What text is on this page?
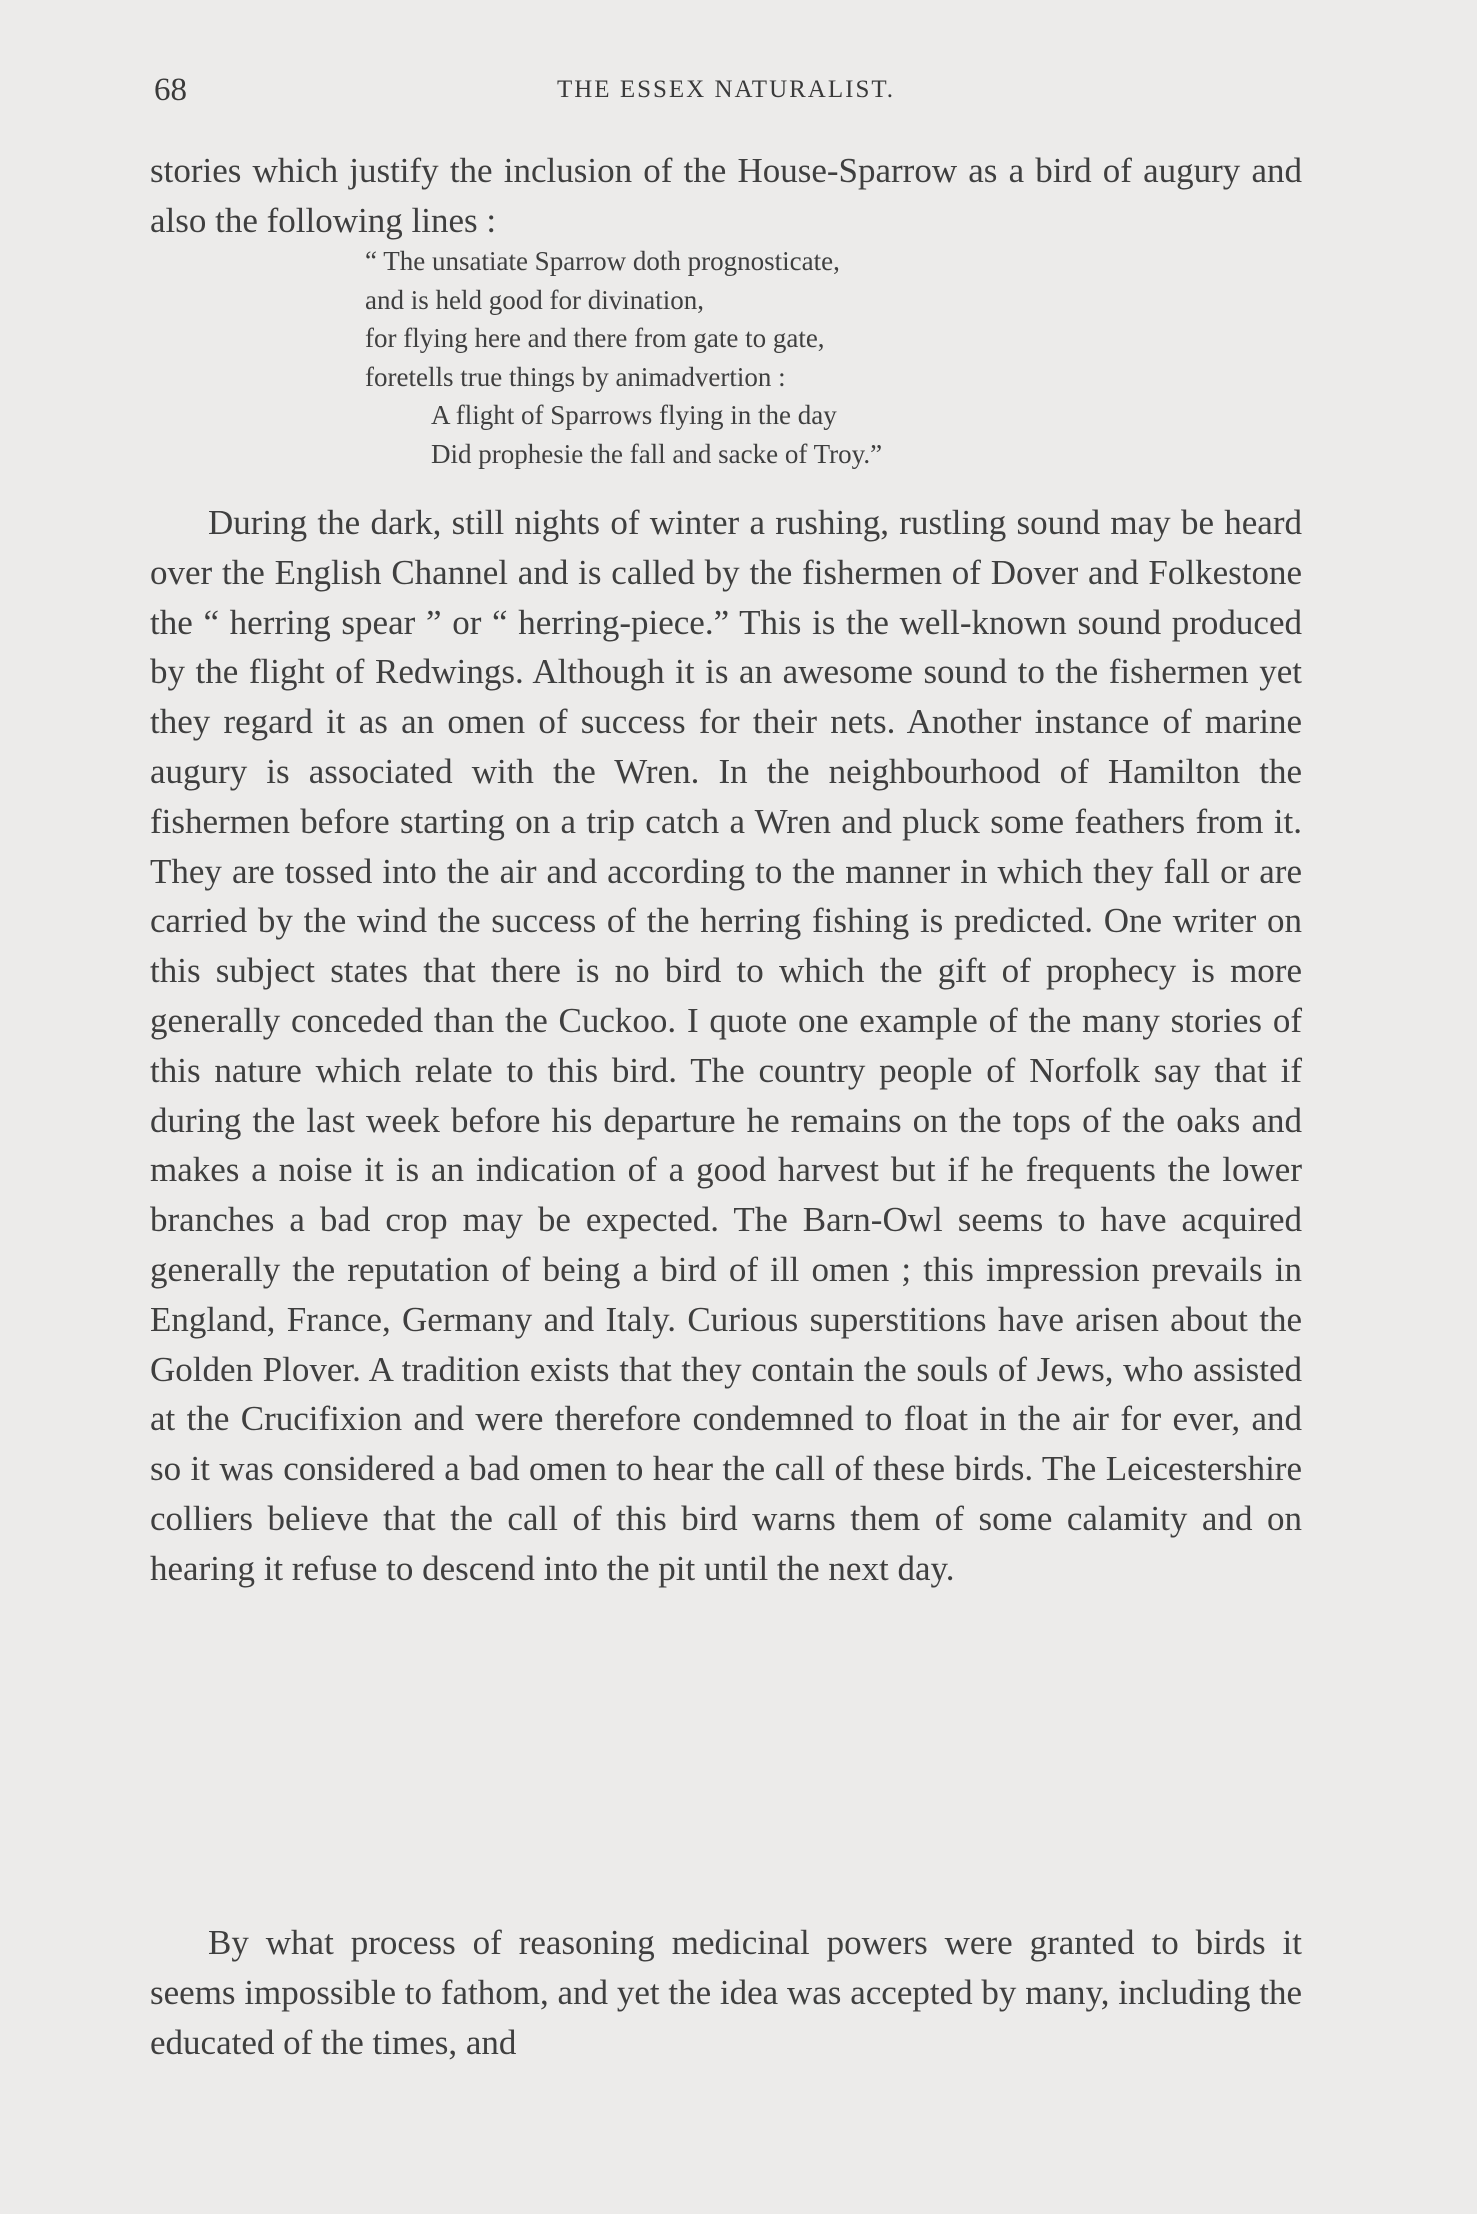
68	THE ESSEX NATURALIST.

stories which justify the inclusion of the House-Sparrow as a bird of augury and also the following lines :

“ The unsatiate Sparrow doth prognosticate,
and is held good for divination,
for flying here and there from gate to gate,
foretells true things by animadvertion :
A flight of Sparrows flying in the day
Did prophesie the fall and sacke of Troy.”

During the dark, still nights of winter a rushing, rustling sound may be heard over the English Channel and is called by the fishermen of Dover and Folkestone the “ herring spear ” or “ herring-piece.” This is the well-known sound produced by the flight of Redwings. Although it is an awesome sound to the fishermen yet they regard it as an omen of success for their nets. Another instance of marine augury is associated with the Wren. In the neighbourhood of Hamilton the fishermen before starting on a trip catch a Wren and pluck some feathers from it. They are tossed into the air and according to the manner in which they fall or are carried by the wind the success of the herring fishing is predicted. One writer on this subject states that there is no bird to which the gift of prophecy is more generally conceded than the Cuckoo. I quote one example of the many stories of this nature which relate to this bird. The country people of Norfolk say that if during the last week before his departure he remains on the tops of the oaks and makes a noise it is an indication of a good harvest but if he frequents the lower branches a bad crop may be expected. The Barn-Owl seems to have acquired generally the reputation of being a bird of ill omen ; this impression prevails in England, France, Germany and Italy. Curious superstitions have arisen about the Golden Plover. A tradition exists that they contain the souls of Jews, who assisted at the Crucifixion and were therefore condemned to float in the air for ever, and so it was considered a bad omen to hear the call of these birds. The Leicestershire colliers believe that the call of this bird warns them of some calamity and on hearing it refuse to descend into the pit until the next day.

By what process of reasoning medicinal powers were granted to birds it seems impossible to fathom, and yet the idea was accepted by many, including the educated of the times, and
